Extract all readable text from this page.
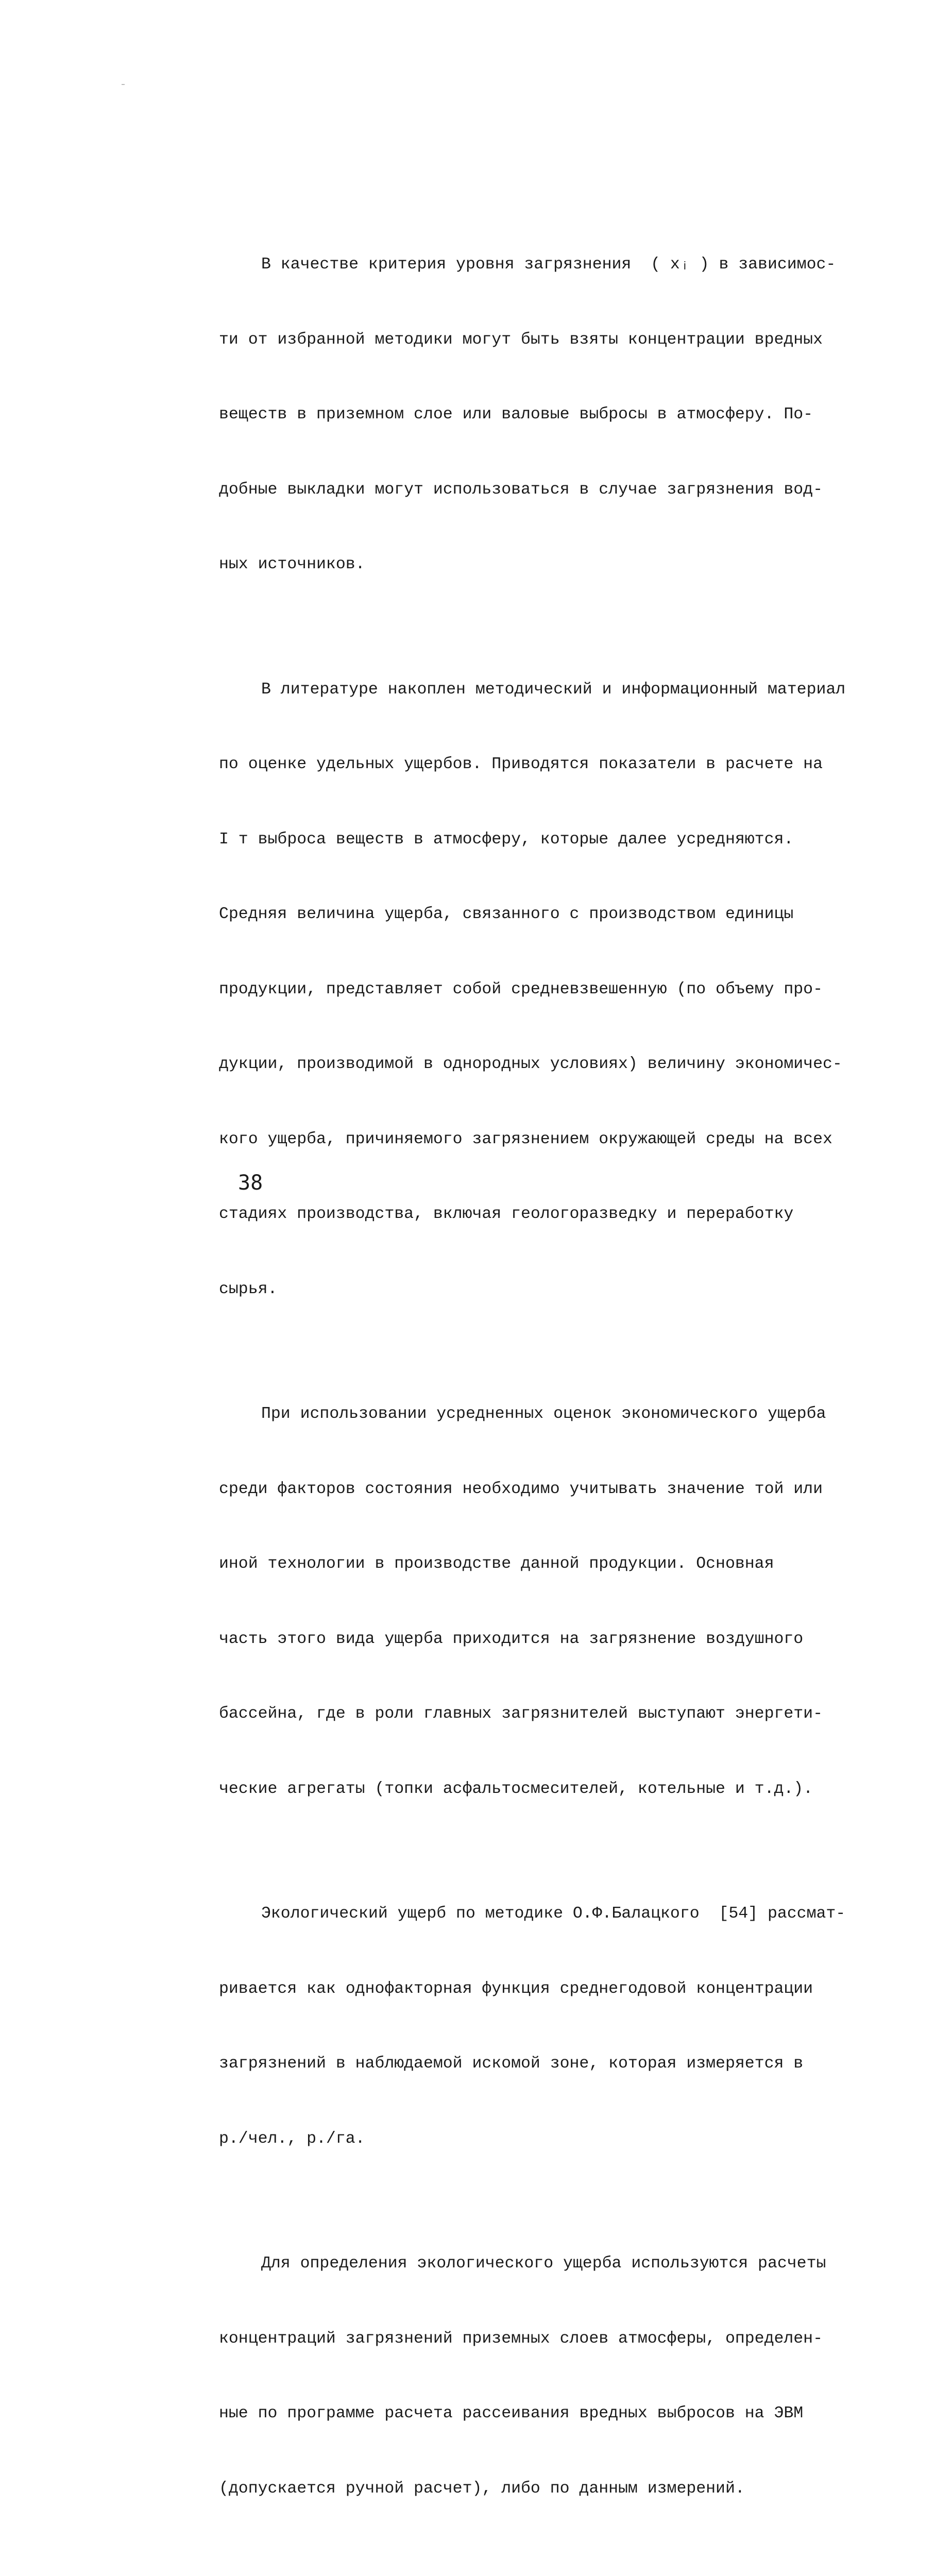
В качестве критерия уровня загрязнения  ( xᵢ ) в зависимос-

ти от избранной методики могут быть взяты концентрации вредных

веществ в приземном слое или валовые выбросы в атмосферу. По-

добные выкладки могут использоваться в случае загрязнения вод-

ных источников.

В литературе накоплен методический и информационный материал

по оценке удельных ущербов. Приводятся показатели в расчете на

I т выброса веществ в атмосферу, которые далее усредняются.

Средняя величина ущерба, связанного с производством единицы

продукции, представляет собой средневзвешенную (по объему про-

дукции, производимой в однородных условиях) величину экономичес-

кого ущерба, причиняемого загрязнением окружающей среды на всех

стадиях производства, включая геологоразведку и переработку

сырья.

При использовании усредненных оценок экономического ущерба

среди факторов состояния необходимо учитывать значение той или

иной технологии в производстве данной продукции. Основная

часть этого вида ущерба приходится на загрязнение воздушного

бассейна, где в роли главных загрязнителей выступают энергети-

ческие агрегаты (топки асфальтосмесителей, котельные и т.д.).

Экологический ущерб по методике О.Ф.Балацкого  [54] рассмат-

ривается как однофакторная функция среднегодовой концентрации

загрязнений в наблюдаемой искомой зоне, которая измеряется в

р./чел., р./га.

Для определения экологического ущерба используются расчеты

концентраций загрязнений приземных слоев атмосферы, определен-

ные по программе расчета рассеивания вредных выбросов на ЭВМ

(допускается ручной расчет), либо по данным измерений.

38
